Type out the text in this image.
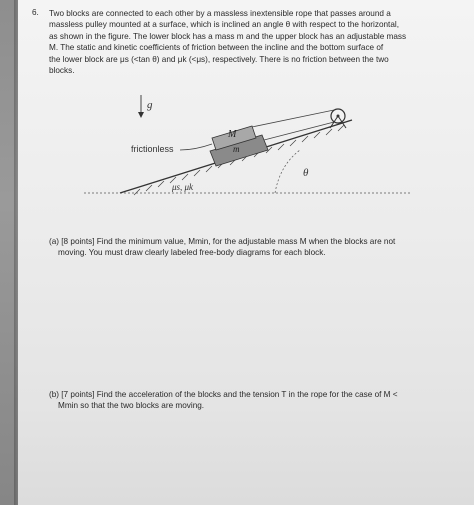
6. Two blocks are connected to each other by a massless inextensible rope that passes around a
massless pulley mounted at a surface, which is inclined an angle θ with respect to the horizontal,
as shown in the figure. The lower block has a mass m and the upper block has an adjustable mass
M. The static and kinetic coefficients of friction between the incline and the bottom surface of
the lower block are μs (<tan θ) and μk (<μs), respectively. There is no friction between the two
blocks.
g
frictionless
M
m
θ
μs, μk
(a) [8 points] Find the minimum value, Mmin, for the adjustable mass M when the blocks are not
moving. You must draw clearly labeled free-body diagrams for each block.
(b) [7 points] Find the acceleration of the blocks and the tension T in the rope for the case of M <
Mmin so that the two blocks are moving.
